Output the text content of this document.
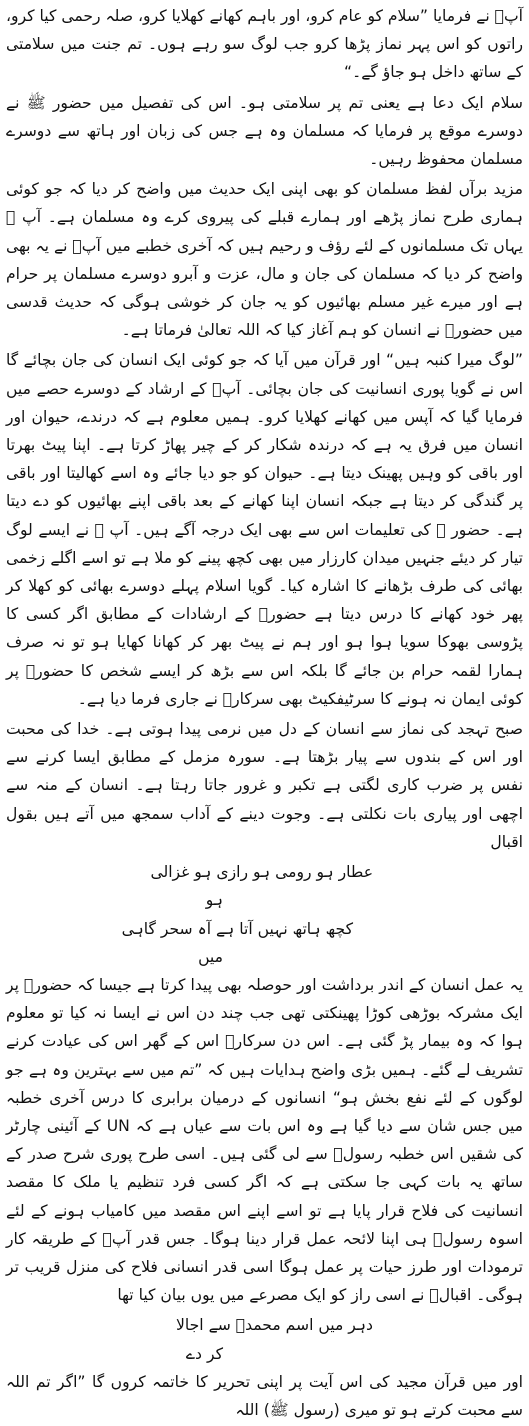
آپؐ نے فرمایا ”سلام کو عام کرو، اور باہم کھانے کھلایا کرو، صلہ رحمی کیا کرو، راتوں کو اس پہر نماز پڑھا کرو جب لوگ سو رہے ہوں۔ تم جنت میں سلامتی کے ساتھ داخل ہو جاؤ گے۔“

سلام ایک دعا ہے یعنی تم پر سلامتی ہو۔ اس کی تفصیل میں حضور ﷺ نے دوسرے موقع پر فرمایا کہ مسلمان وہ ہے جس کی زبان اور ہاتھ سے دوسرے مسلمان محفوظ رہیں۔

مزید برآں لفظ مسلمان کو بھی اپنی ایک حدیث میں واضح کر دیا کہ جو کوئی ہماری طرح نماز پڑھے اور ہمارے قبلے کی پیروی کرے وہ مسلمان ہے۔ آپ ﷺ یہاں تک مسلمانوں کے لئے رؤف و رحیم ہیں کہ آخری خطبے میں آپؐ نے یہ بھی واضح کر دیا کہ مسلمان کی جان و مال، عزت و آبرو دوسرے مسلمان پر حرام ہے اور میرے غیر مسلم بھائیوں کو یہ جان کر خوشی ہوگی کہ حدیث قدسی میں حضورؐ نے انسان کو ہم آغاز کیا کہ اللہ تعالیٰ فرماتا ہے۔

”لوگ میرا کنبہ ہیں“ اور قرآن میں آیا کہ جو کوئی ایک انسان کی جان بچائے گا اس نے گویا پوری انسانیت کی جان بچائی۔ آپؐ کے ارشاد کے دوسرے حصے میں فرمایا گیا کہ آپس میں کھانے کھلایا کرو۔ ہمیں معلوم ہے کہ درندے، حیوان اور انسان میں فرق یہ ہے کہ درندہ شکار کر کے چیر پھاڑ کرتا ہے۔ اپنا پیٹ بھرتا اور باقی کو وہیں پھینک دیتا ہے۔ حیوان کو جو دیا جائے وہ اسے کھالیتا اور باقی پر گندگی کر دیتا ہے جبکہ انسان اپنا کھانے کے بعد باقی اپنے بھائیوں کو دے دیتا ہے۔ حضور ﷺ کی تعلیمات اس سے بھی ایک درجہ آگے ہیں۔ آپ ﷺ نے ایسے لوگ تیار کر دیئے جنہیں میدان کارزار میں بھی کچھ پینے کو ملا ہے تو اسے اگلے زخمی بھائی کی طرف بڑھانے کا اشارہ کیا۔ گویا اسلام پہلے دوسرے بھائی کو کھلا کر پھر خود کھانے کا درس دیتا ہے حضورؐ کے ارشادات کے مطابق اگر کسی کا پڑوسی بھوکا سویا ہوا ہو اور ہم نے پیٹ بھر کر کھانا کھایا ہو تو نہ صرف ہمارا لقمہ حرام بن جائے گا بلکہ اس سے بڑھ کر ایسے شخص کا حضورؐ پر کوئی ایمان نہ ہونے کا سرٹیفکیٹ بھی سرکارؐ نے جاری فرما دیا ہے۔

صبح تہجد کی نماز سے انسان کے دل میں نرمی پیدا ہوتی ہے۔ خدا کی محبت اور اس کے بندوں سے پیار بڑھتا ہے۔ سورہ مزمل کے مطابق ایسا کرنے سے نفس پر ضرب کاری لگتی ہے تکبر و غرور جاتا رہتا ہے۔ انسان کے منہ سے اچھی اور پیاری بات نکلتی ہے۔ وجوت دینے کے آداب سمجھ میں آتے ہیں بقول اقبال

عطار ہو رومی ہو رازی ہو غزالی
ہو
کچھ ہاتھ نہیں آتا ہے آہ سحر گاہی
میں

یہ عمل انسان کے اندر برداشت اور حوصلہ بھی پیدا کرتا ہے جیسا کہ حضورؐ پر ایک مشرکہ بوڑھی کوڑا پھینکتی تھی جب چند دن اس نے ایسا نہ کیا تو معلوم ہوا کہ وہ بیمار پڑ گئی ہے۔ اس دن سرکارؐ اس کے گھر اس کی عیادت کرنے تشریف لے گئے۔ ہمیں بڑی واضح ہدایات ہیں کہ ”تم میں سے بہترین وہ ہے جو لوگوں کے لئے نفع بخش ہو“ انسانوں کے درمیان برابری کا درس آخری خطبہ میں جس شان سے دیا گیا ہے وہ اس بات سے عیاں ہے کہ UN کے آئینی چارٹر کی شقیں اس خطبہ رسولؐ سے لی گئی ہیں۔ اسی طرح پوری شرح صدر کے ساتھ یہ بات کہی جا سکتی ہے کہ اگر کسی فرد تنظیم یا ملک کا مقصد انسانیت کی فلاح قرار پایا ہے تو اسے اپنے اس مقصد میں کامیاب ہونے کے لئے اسوہ رسولؐ ہی اپنا لائحہ عمل قرار دینا ہوگا۔ جس قدر آپؐ کے طریقہ کار ترمودات اور طرز حیات پر عمل ہوگا اسی قدر انسانی فلاح کی منزل قریب تر ہوگی۔ اقبالؒ نے اسی راز کو ایک مصرعے میں یوں بیان کیا تھا

دہر میں اسم محمدؐ سے اجالا
کر دے

اور میں قرآن مجید کی اس آیت پر اپنی تحریر کا خاتمہ کروں گا ”اگر تم اللہ سے محبت کرتے ہو تو میری (رسول ﷺ) اللہ
